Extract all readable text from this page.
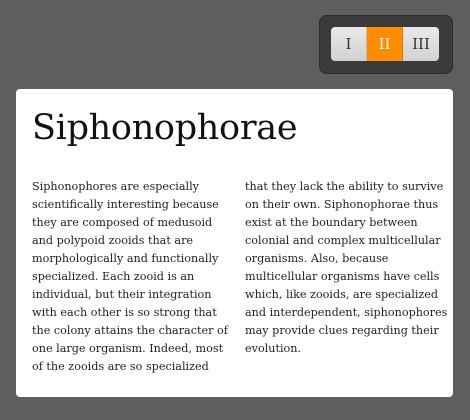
I	II	III
Siphonophorae
Siphonophores are especially
scientifically interesting because
they are composed of medusoid
and polypoid zooids that are
morphologically and functionally
specialized. Each zooid is an
individual, but their integration
with each other is so strong that
the colony attains the character of
one large organism. Indeed, most
of the zooids are so specialized
that they lack the ability to survive
on their own. Siphonophorae thus
exist at the boundary between
colonial and complex multicellular
organisms. Also, because
multicellular organisms have cells
which, like zooids, are specialized
and interdependent, siphonophores
may provide clues regarding their
evolution.
